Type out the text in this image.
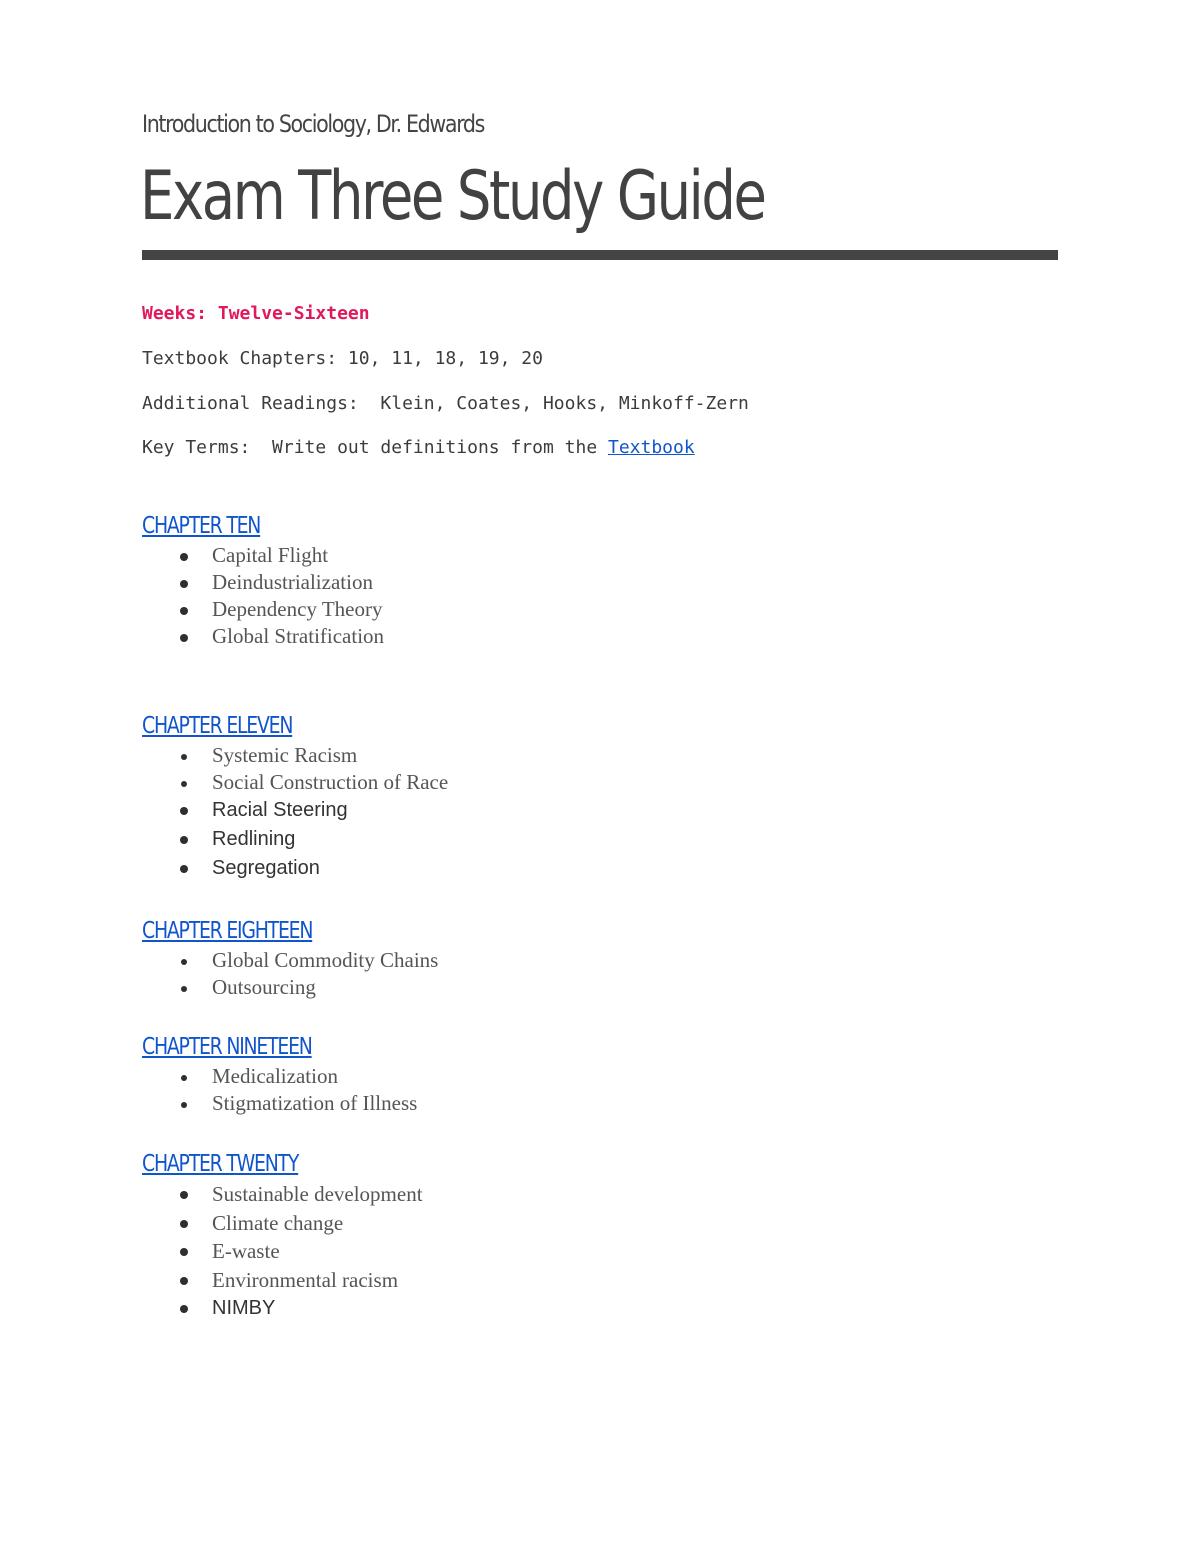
Introduction to Sociology, Dr. Edwards
Exam Three Study Guide
Weeks: Twelve-Sixteen
Textbook Chapters: 10, 11, 18, 19, 20
Additional Readings:  Klein, Coates, Hooks, Minkoff-Zern
Key Terms:  Write out definitions from the Textbook
CHAPTER TEN
Capital Flight
Deindustrialization
Dependency Theory
Global Stratification
CHAPTER ELEVEN
Systemic Racism
Social Construction of Race
Racial Steering
Redlining
Segregation
CHAPTER EIGHTEEN
Global Commodity Chains
Outsourcing
CHAPTER NINETEEN
Medicalization
Stigmatization of Illness
CHAPTER TWENTY
Sustainable development
Climate change
E-waste
Environmental racism
NIMBY
